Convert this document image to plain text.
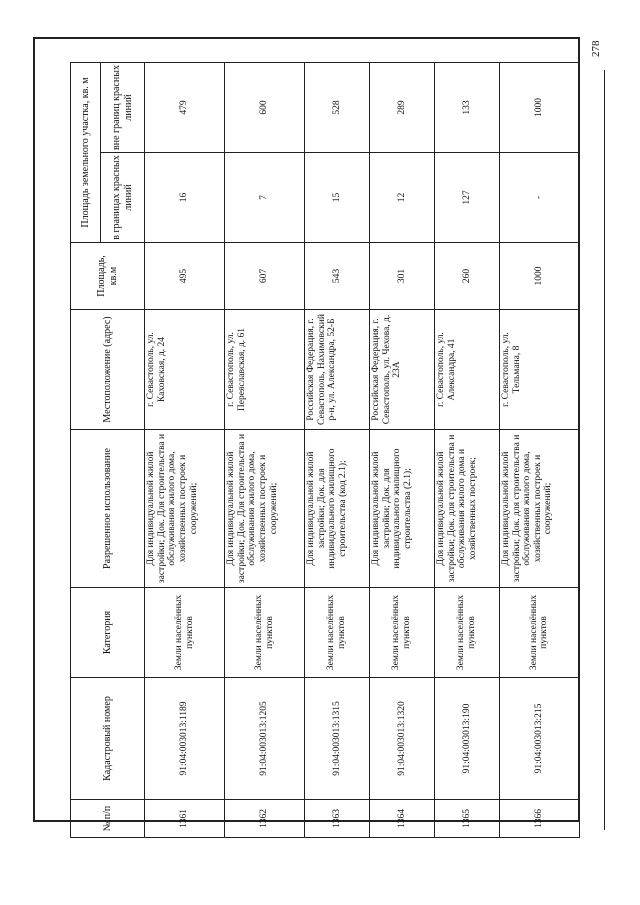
278
№ п/п	Кадастровый номер	Категория	Разрешенное использование	Местоположение (адрес)	Площадь, кв.м	Площадь земельного участка, кв. м	
						в границах красных линий	вне границ красных линий
1361	91:04:003013:1189	Земли населённых пунктов	Для индивидуальной жилой застройки; Док. Для строительства и обслуживания жилого дома, хозяйственных построек и сооружений;	г. Севастополь, ул. Каховская, д. 24	495	16	479
1362	91:04:003013:1205	Земли населённых пунктов	Для индивидуальной жилой застройки; Док. Для строительства и обслуживания жилого дома, хозяйственных построек и сооружений;	г. Севастополь, ул. Переяславская, д. 61	607	7	600
1363	91:04:003013:1315	Земли населённых пунктов	Для индивидуальной жилой застройки; Док. для индивидуального жилищного строительства (код 2.1);	Российская Федерация, г. Севастополь, Нахимовский р-н, ул. Александра, 52-Б	543	15	528
1364	91:04:003013:1320	Земли населённых пунктов	Для индивидуальной жилой застройки; Док. для индивидуального жилищного строительства (2.1);	Российская Федерация, г. Севастополь, ул. Чехова, д. 23А	301	12	289
1365	91:04:003013:190	Земли населённых пунктов	Для индивидуальной жилой застройки; Док. для строительства и обслуживания жилого дома и хозяйственных построек;	г. Севастополь, ул. Александра, 41	260	127	133
1366	91:04:003013:215	Земли населённых пунктов	Для индивидуальной жилой застройки; Док. для строительства и обслуживания жилого дома, хозяйственных построек и сооружений;	г. Севастополь, ул. Тельмана, 8	1000	-	1000
